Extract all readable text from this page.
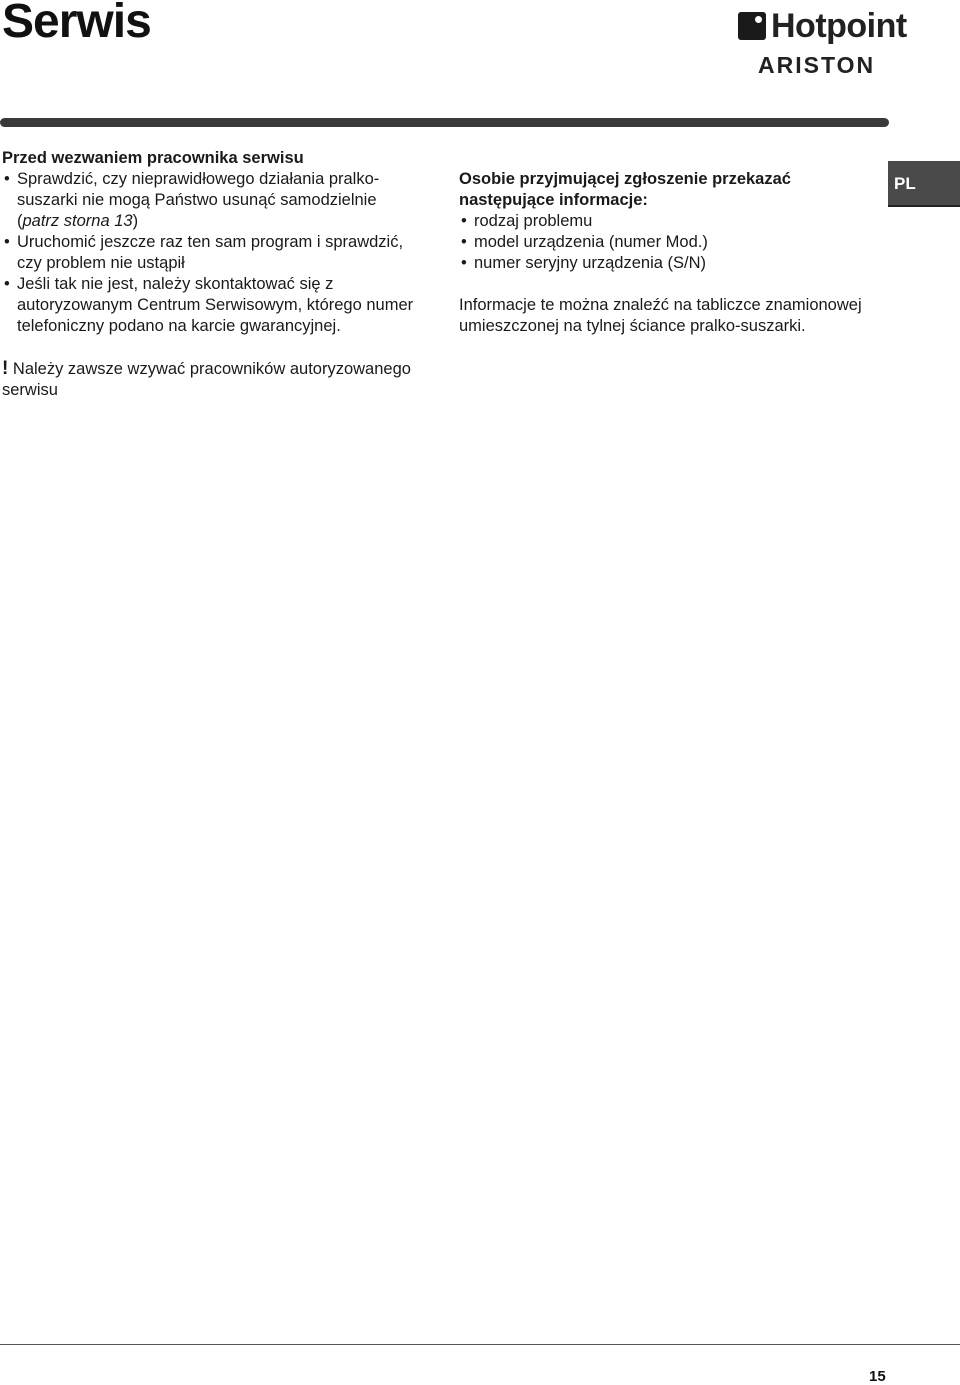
Serwis	Hotpoint
ARISTON
PL

Przed wezwaniem pracownika serwisu

• Sprawdzić, czy nieprawidłowego działania pralko-suszarki nie mogą Państwo usunąć samodzielnie (patrz storna 13)
• Uruchomić jeszcze raz ten sam program i sprawdzić, czy problem nie ustąpił
• Jeśli tak nie jest, należy skontaktować się z autoryzowanym Centrum Serwisowym, którego numer telefoniczny podano na karcie gwarancyjnej.

! Należy zawsze wzywać pracowników autoryzowanego serwisu

Osobie przyjmującej zgłoszenie przekazać następujące informacje:

• rodzaj problemu
• model urządzenia (numer Mod.)
• numer seryjny urządzenia (S/N)

Informacje te można znaleźć na tabliczce znamionowej umieszczonej na tylnej ściance pralko-suszarki.

15
